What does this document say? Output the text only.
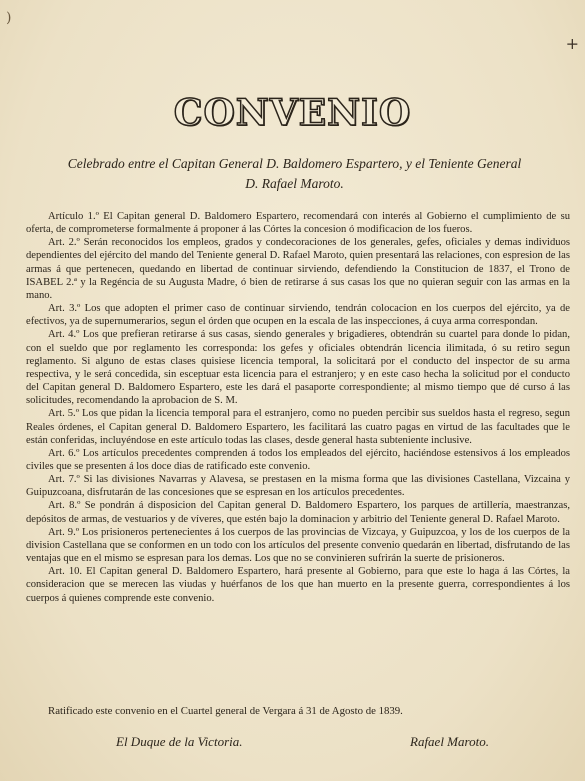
)
+
CONVENIO
Celebrado entre el Capitan General D. Baldomero Espartero, y el Teniente General
D. Rafael Maroto.

Artículo 1.º El Capitan general D. Baldomero Espartero, recomendará con interés al Gobierno el cumplimiento de su oferta, de comprometerse formalmente á proponer á las Córtes la concesion ó modificacion de los fueros.

Art. 2.º Serán reconocidos los empleos, grados y condecoraciones de los generales, gefes, oficiales y demas individuos dependientes del ejército del mando del Teniente general D. Rafael Maroto, quien presentará las relaciones, con espresion de las armas á que pertenecen, quedando en libertad de continuar sirviendo, defendiendo la Constitucion de 1837, el Trono de ISABEL 2.ª y la Regéncia de su Augusta Madre, ó bien de retirarse á sus casas los que no quieran seguir con las armas en la mano.

Art. 3.º Los que adopten el primer caso de continuar sirviendo, tendrán colocacion en los cuerpos del ejército, ya de efectivos, ya de supernumerarios, segun el órden que ocupen en la escala de las inspecciones, á cuya arma correspondan.

Art. 4.º Los que prefieran retirarse á sus casas, siendo generales y brigadieres, obtendrán su cuartel para donde lo pidan, con el sueldo que por reglamento les corresponda: los gefes y oficiales obtendrán licencia ilimitada, ó su retiro segun reglamento. Si alguno de estas clases quisiese licencia temporal, la solicitará por el conducto del inspector de su arma respectiva, y le será concedida, sin esceptuar esta licencia para el estranjero; y en este caso hecha la solicitud por el conducto del Capitan general D. Baldomero Espartero, este les dará el pasaporte correspondiente; al mismo tiempo que dé curso á las solicitudes, recomendando la aprobacion de S. M.

Art. 5.º Los que pidan la licencia temporal para el estranjero, como no pueden percibir sus sueldos hasta el regreso, segun Reales órdenes, el Capitan general D. Baldomero Espartero, les facilitará las cuatro pagas en virtud de las facultades que le están conferidas, incluyéndose en este artículo todas las clases, desde general hasta subteniente inclusive.

Art. 6.º Los artículos precedentes comprenden á todos los empleados del ejército, haciéndose estensivos á los empleados civiles que se presenten á los doce dias de ratificado este convenio.

Art. 7.º Si las divisiones Navarras y Alavesa, se prestasen en la misma forma que las divisiones Castellana, Vizcaina y Guipuzcoana, disfrutarán de las concesiones que se espresan en los artículos precedentes.

Art. 8.º Se pondrán á disposicion del Capitan general D. Baldomero Espartero, los parques de artillería, maestranzas, depósitos de armas, de vestuarios y de víveres, que estén bajo la dominacion y arbitrio del Teniente general D. Rafael Maroto.

Art. 9.º Los prisioneros pertenecientes á los cuerpos de las provincias de Vizcaya, y Guipuzcoa, y los de los cuerpos de la division Castellana que se conformen en un todo con los artículos del presente convenio quedarán en libertad, disfrutando de las ventajas que en el mismo se espresan para los demas. Los que no se convinieren sufrirán la suerte de prisioneros.

Art. 10. El Capitan general D. Baldomero Espartero, hará presente al Gobierno, para que este lo haga á las Córtes, la consideracion que se merecen las viudas y huérfanos de los que han muerto en la presente guerra, correspondientes á los cuerpos á quienes comprende este convenio.

Ratificado este convenio en el Cuartel general de Vergara á 31 de Agosto de 1839.
El Duque de la Victoria.	Rafael Maroto.
